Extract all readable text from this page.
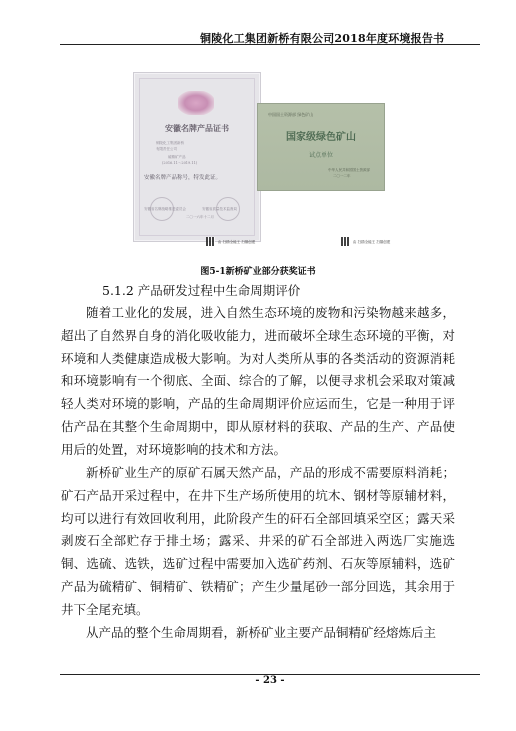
铜陵化工集团新桥有限公司2018年度环境报告书
安徽名牌产品证书
铜陵化工集团新桥
有限责任公司
硫精矿产品
(2016.11～2019.11)
安徽名牌产品称号，特发此证。
安徽省名牌战略推进委员会	安徽省质量技术监督局
二〇一六年十二月
由 扫描全能王 扫描创建
中国国土资源部 绿色矿山
国家级绿色矿山
试点单位
中华人民共和国国土资源部
二〇一二年
由 扫描全能王 扫描创建
图5-1新桥矿业部分获奖证书
5.1.2 产品研发过程中生命周期评价

随着工业化的发展，进入自然生态环境的废物和污染物越来越多，超出了自然界自身的消化吸收能力，进而破坏全球生态环境的平衡，对环境和人类健康造成极大影响。为对人类所从事的各类活动的资源消耗和环境影响有一个彻底、全面、综合的了解，以便寻求机会采取对策减轻人类对环境的影响，产品的生命周期评价应运而生，它是一种用于评估产品在其整个生命周期中，即从原材料的获取、产品的生产、产品使用后的处置，对环境影响的技术和方法。

新桥矿业生产的原矿石属天然产品，产品的形成不需要原料消耗；矿石产品开采过程中，在井下生产场所使用的坑木、钢材等原辅材料，均可以进行有效回收利用，此阶段产生的矸石全部回填采空区；露天采剥废石全部贮存于排土场；露采、井采的矿石全部进入两选厂实施选铜、选硫、选铁，选矿过程中需要加入选矿药剂、石灰等原辅料，选矿产品为硫精矿、铜精矿、铁精矿；产生少量尾砂一部分回选，其余用于井下全尾充填。

从产品的整个生命周期看，新桥矿业主要产品铜精矿经熔炼后主

- 23 -
